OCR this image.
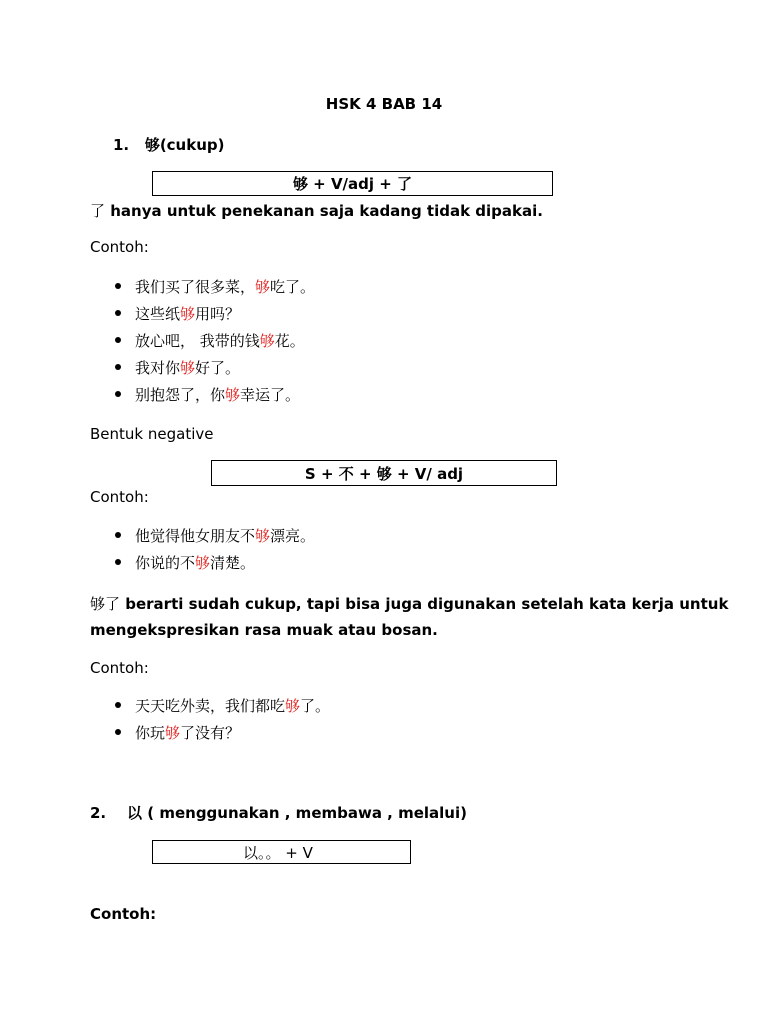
HSK 4 BAB 14
1. 够(cukup)
够 + V/adj + 了
了 hanya untuk penekanan saja kadang tidak dipakai.
Contoh:
我们买了很多菜，够吃了。
这些纸够用吗？
放心吧， 我带的钱够花。
我对你够好了。
别抱怨了，你够幸运了。
Bentuk negative
S + 不 + 够 + V/ adj
Contoh:
他觉得他女朋友不够漂亮。
你说的不够清楚。
够了 berarti sudah cukup, tapi bisa juga digunakan setelah kata kerja untuk
mengekspresikan rasa muak atau bosan.
Contoh:
天天吃外卖，我们都吃够了。
你玩够了没有？
2. 以 ( menggunakan , membawa , melalui)
以。。 + V
Contoh:
